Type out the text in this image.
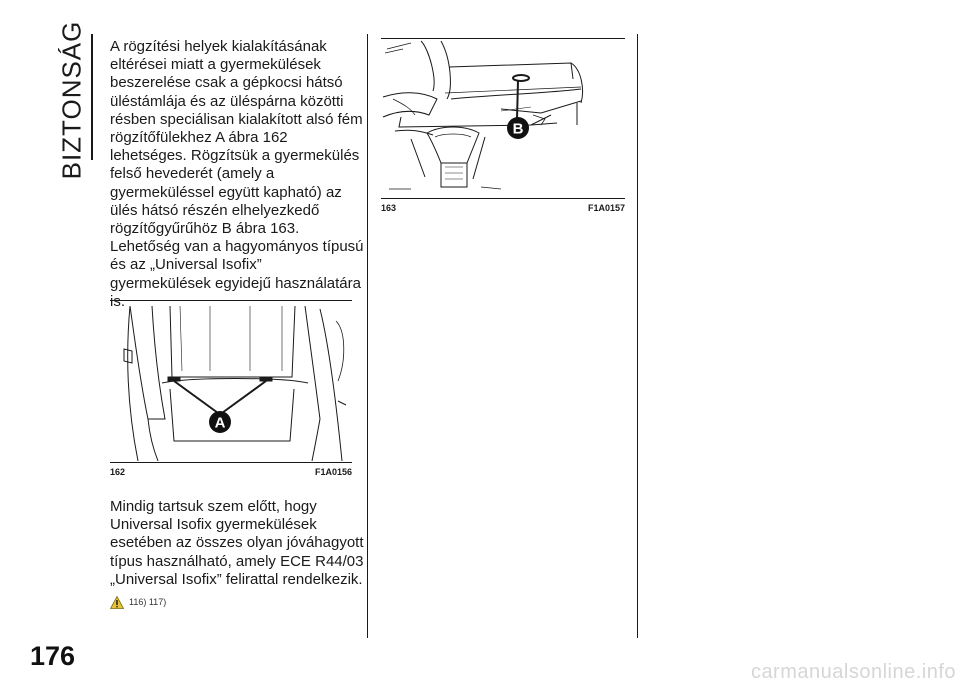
BIZTONSÁG A rögzítési helyek kialakításának eltérései miatt a gyermekülések beszerelése csak a gépkocsi hátsó üléstámlája és az üléspárna közötti résben speciálisan kialakított alsó fém rögzítőfülekhez A ábra 162 lehetséges. Rögzítsük a gyermekülés felső hevederét (amely a gyermeküléssel együtt kapható) az ülés hátsó részén elhelyezkedő rögzítőgyűrűhöz B ábra 163. Lehetőség van a hagyományos típusú és az „Universal Isofix” gyermekülések egyidejű használatára is.
A
162	F1A0156
Mindig tartsuk szem előtt, hogy Universal Isofix gyermekülések esetében az összes olyan jóváhagyott típus használható, amely ECE R44/03 „Universal Isofix” felirattal rendelkezik.
116) 117)
B
163	F1A0157
176
carmanualsonline.info
